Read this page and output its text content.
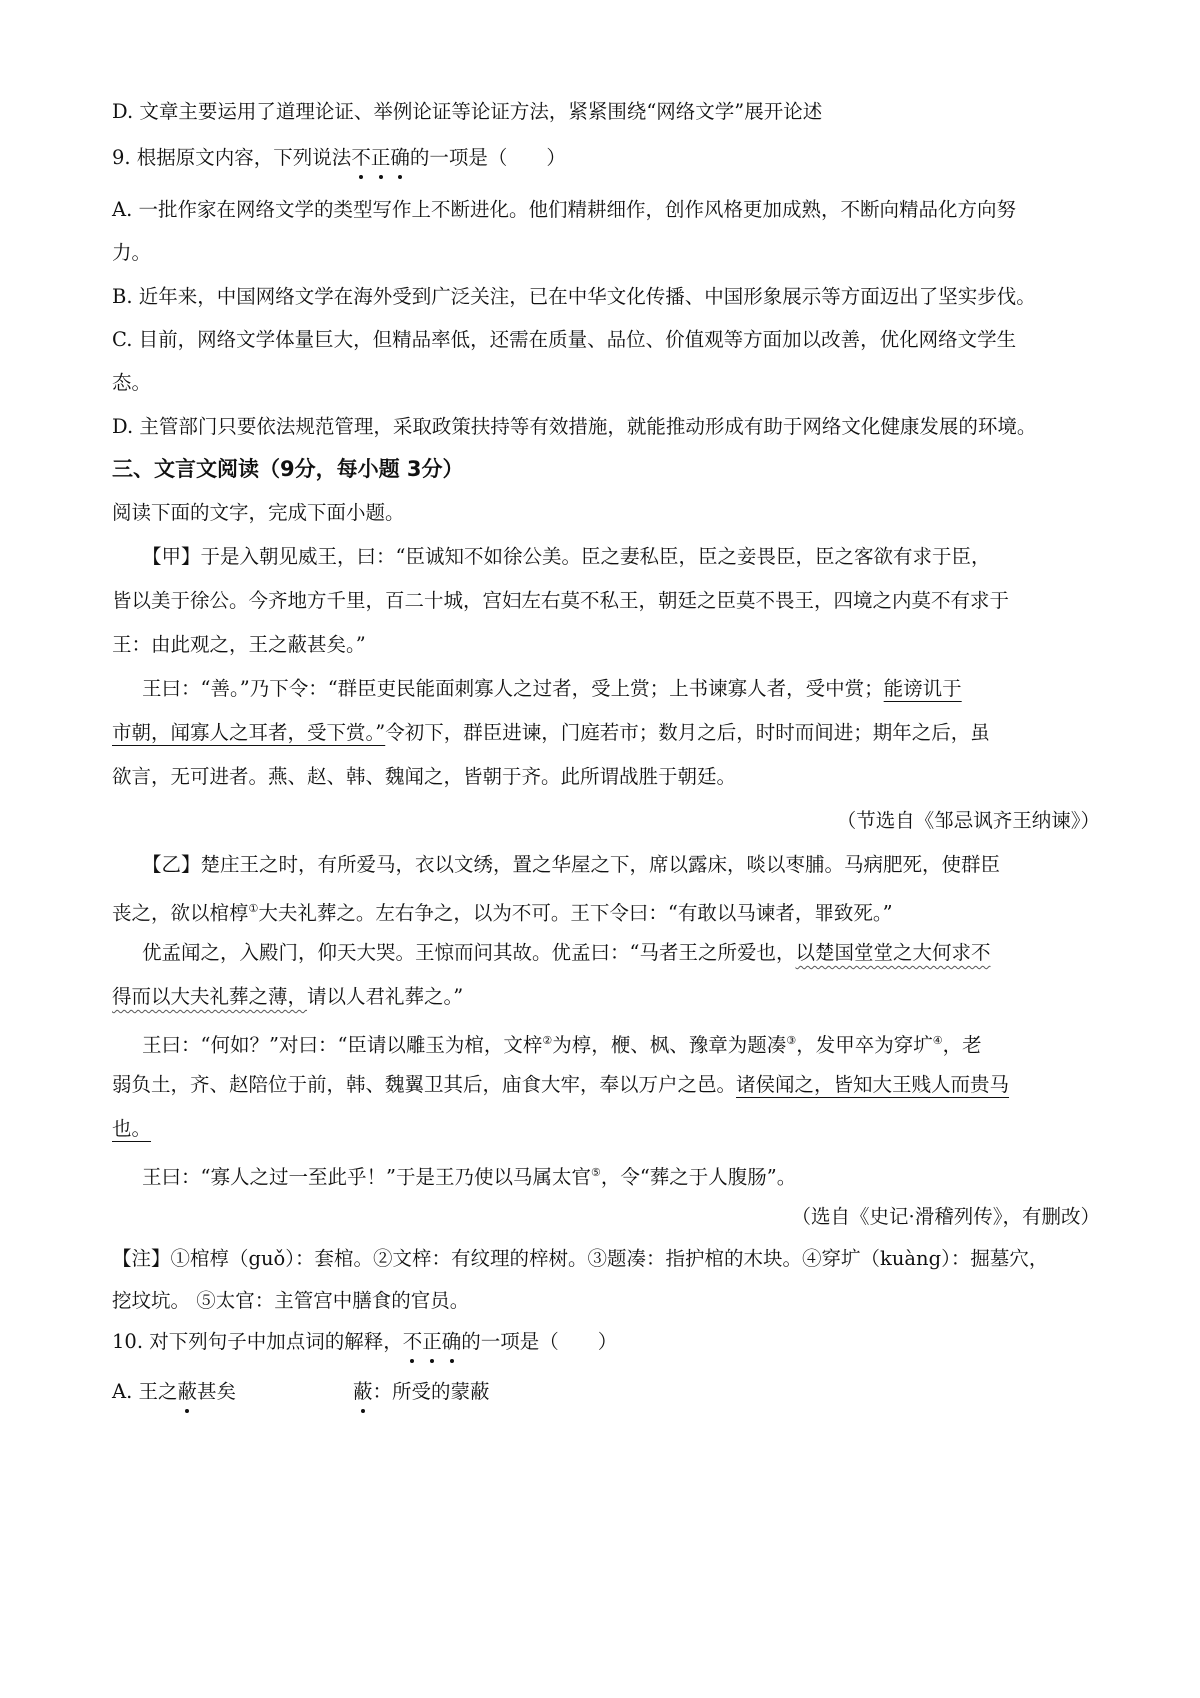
D. 文章主要运用了道理论证、举例论证等论证方法，紧紧围绕“网络文学”展开论述
9. 根据原文内容，下列说法不正确的一项是（　　）
A. 一批作家在网络文学的类型写作上不断进化。他们精耕细作，创作风格更加成熟，不断向精品化方向努
力。
B. 近年来，中国网络文学在海外受到广泛关注，已在中华文化传播、中国形象展示等方面迈出了坚实步伐。
C. 目前，网络文学体量巨大，但精品率低，还需在质量、品位、价值观等方面加以改善，优化网络文学生
态。
D. 主管部门只要依法规范管理，采取政策扶持等有效措施，就能推动形成有助于网络文化健康发展的环境。
三、文言文阅读（9分，每小题 3分）
阅读下面的文字，完成下面小题。
【甲】于是入朝见威王，曰：“臣诚知不如徐公美。臣之妻私臣，臣之妾畏臣，臣之客欲有求于臣，
皆以美于徐公。今齐地方千里，百二十城，宫妇左右莫不私王，朝廷之臣莫不畏王，四境之内莫不有求于
王：由此观之，王之蔽甚矣。”
王曰：“善。”乃下令：“群臣吏民能面刺寡人之过者，受上赏；上书谏寡人者，受中赏；能谤讥于
市朝，闻寡人之耳者，受下赏。”令初下，群臣进谏，门庭若市；数月之后，时时而间进；期年之后，虽
欲言，无可进者。燕、赵、韩、魏闻之，皆朝于齐。此所谓战胜于朝廷。
（节选自《邹忌讽齐王纳谏》）
【乙】楚庄王之时，有所爱马，衣以文绣，置之华屋之下，席以露床，啖以枣脯。马病肥死，使群臣
丧之，欲以棺椁①大夫礼葬之。左右争之，以为不可。王下令曰：“有敢以马谏者，罪致死。”
优孟闻之，入殿门，仰天大哭。王惊而问其故。优孟曰：“马者王之所爱也，以楚国堂堂之大何求不
得而以大夫礼葬之薄，请以人君礼葬之。”
王曰：“何如？”对曰：“臣请以雕玉为棺，文梓②为椁，楩、枫、豫章为题凑③，发甲卒为穿圹④，老
弱负土，齐、赵陪位于前，韩、魏翼卫其后，庙食大牢，奉以万户之邑。诸侯闻之，皆知大王贱人而贵马
也。
王曰：“寡人之过一至此乎！”于是王乃使以马属太官⑤，令“葬之于人腹肠”。
（选自《史记·滑稽列传》，有删改）
【注】①棺椁（guǒ）：套棺。②文梓：有纹理的梓树。③题凑：指护棺的木块。④穿圹（kuàng）：掘墓穴，
挖坟坑。 ⑤太官：主管宫中膳食的官员。
10. 对下列句子中加点词的解释，不正确的一项是（　　）
A. 王之蔽甚矣	蔽：所受的蒙蔽
